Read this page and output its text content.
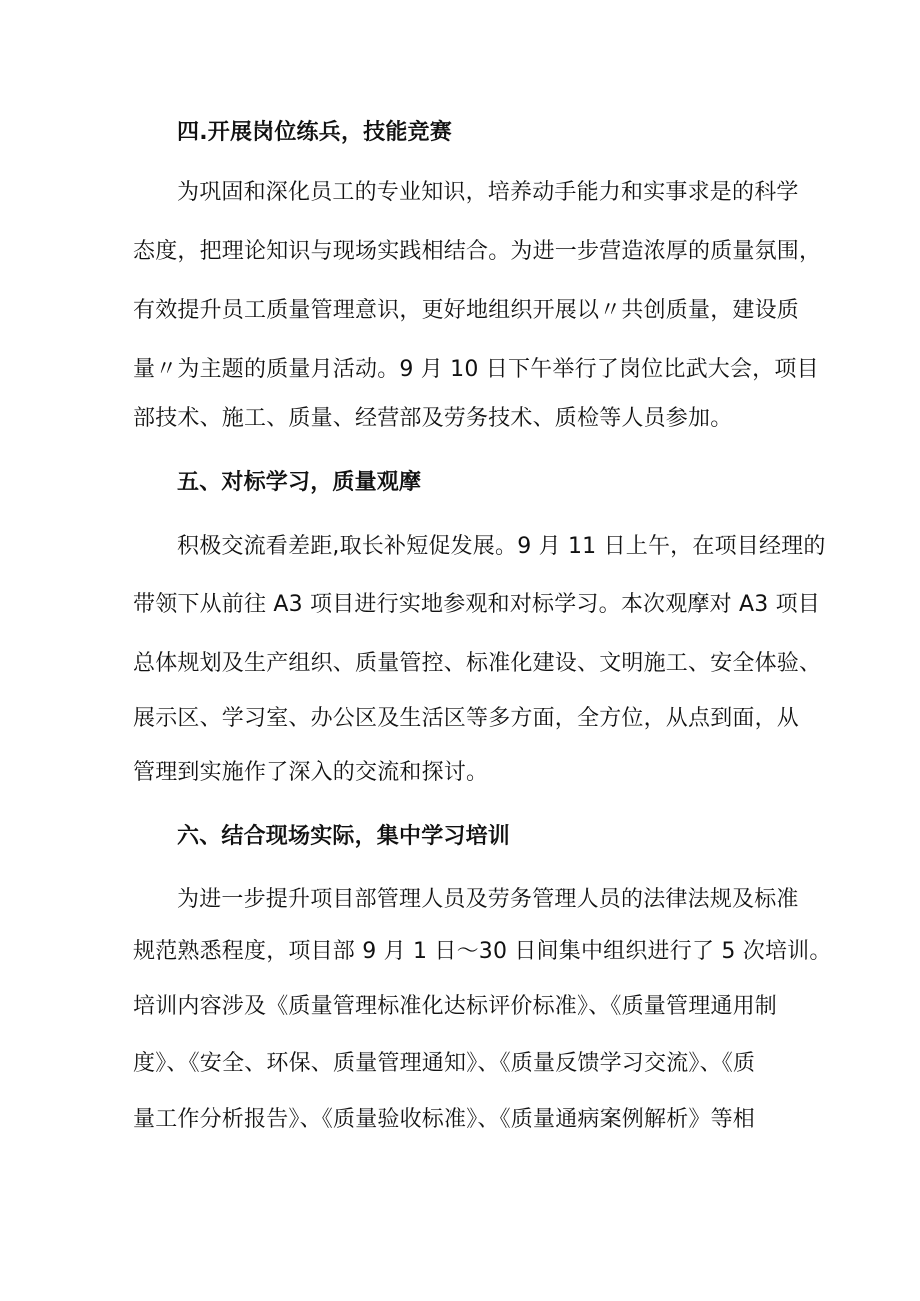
四.开展岗位练兵，技能竞赛
为巩固和深化员工的专业知识，培养动手能力和实事求是的科学
态度，把理论知识与现场实践相结合。为进一步营造浓厚的质量氛围，
有效提升员工质量管理意识，更好地组织开展以〃共创质量，建设质
量〃为主题的质量月活动。9 月 10 日下午举行了岗位比武大会，项目
部技术、施工、质量、经营部及劳务技术、质检等人员参加。
五、对标学习，质量观摩
积极交流看差距,取长补短促发展。9 月 11 日上午，在项目经理的
带领下从前往 A3 项目进行实地参观和对标学习。本次观摩对 A3 项目
总体规划及生产组织、质量管控、标准化建设、文明施工、安全体验、
展示区、学习室、办公区及生活区等多方面，全方位，从点到面，从
管理到实施作了深入的交流和探讨。
六、结合现场实际，集中学习培训
为进一步提升项目部管理人员及劳务管理人员的法律法规及标准
规范熟悉程度，项目部 9 月 1 日〜30 日间集中组织进行了 5 次培训。
培训内容涉及《质量管理标准化达标评价标准》、《质量管理通用制
度》、《安全、环保、质量管理通知》、《质量反馈学习交流》、《质
量工作分析报告》、《质量验收标准》、《质量通病案例解析》等相
